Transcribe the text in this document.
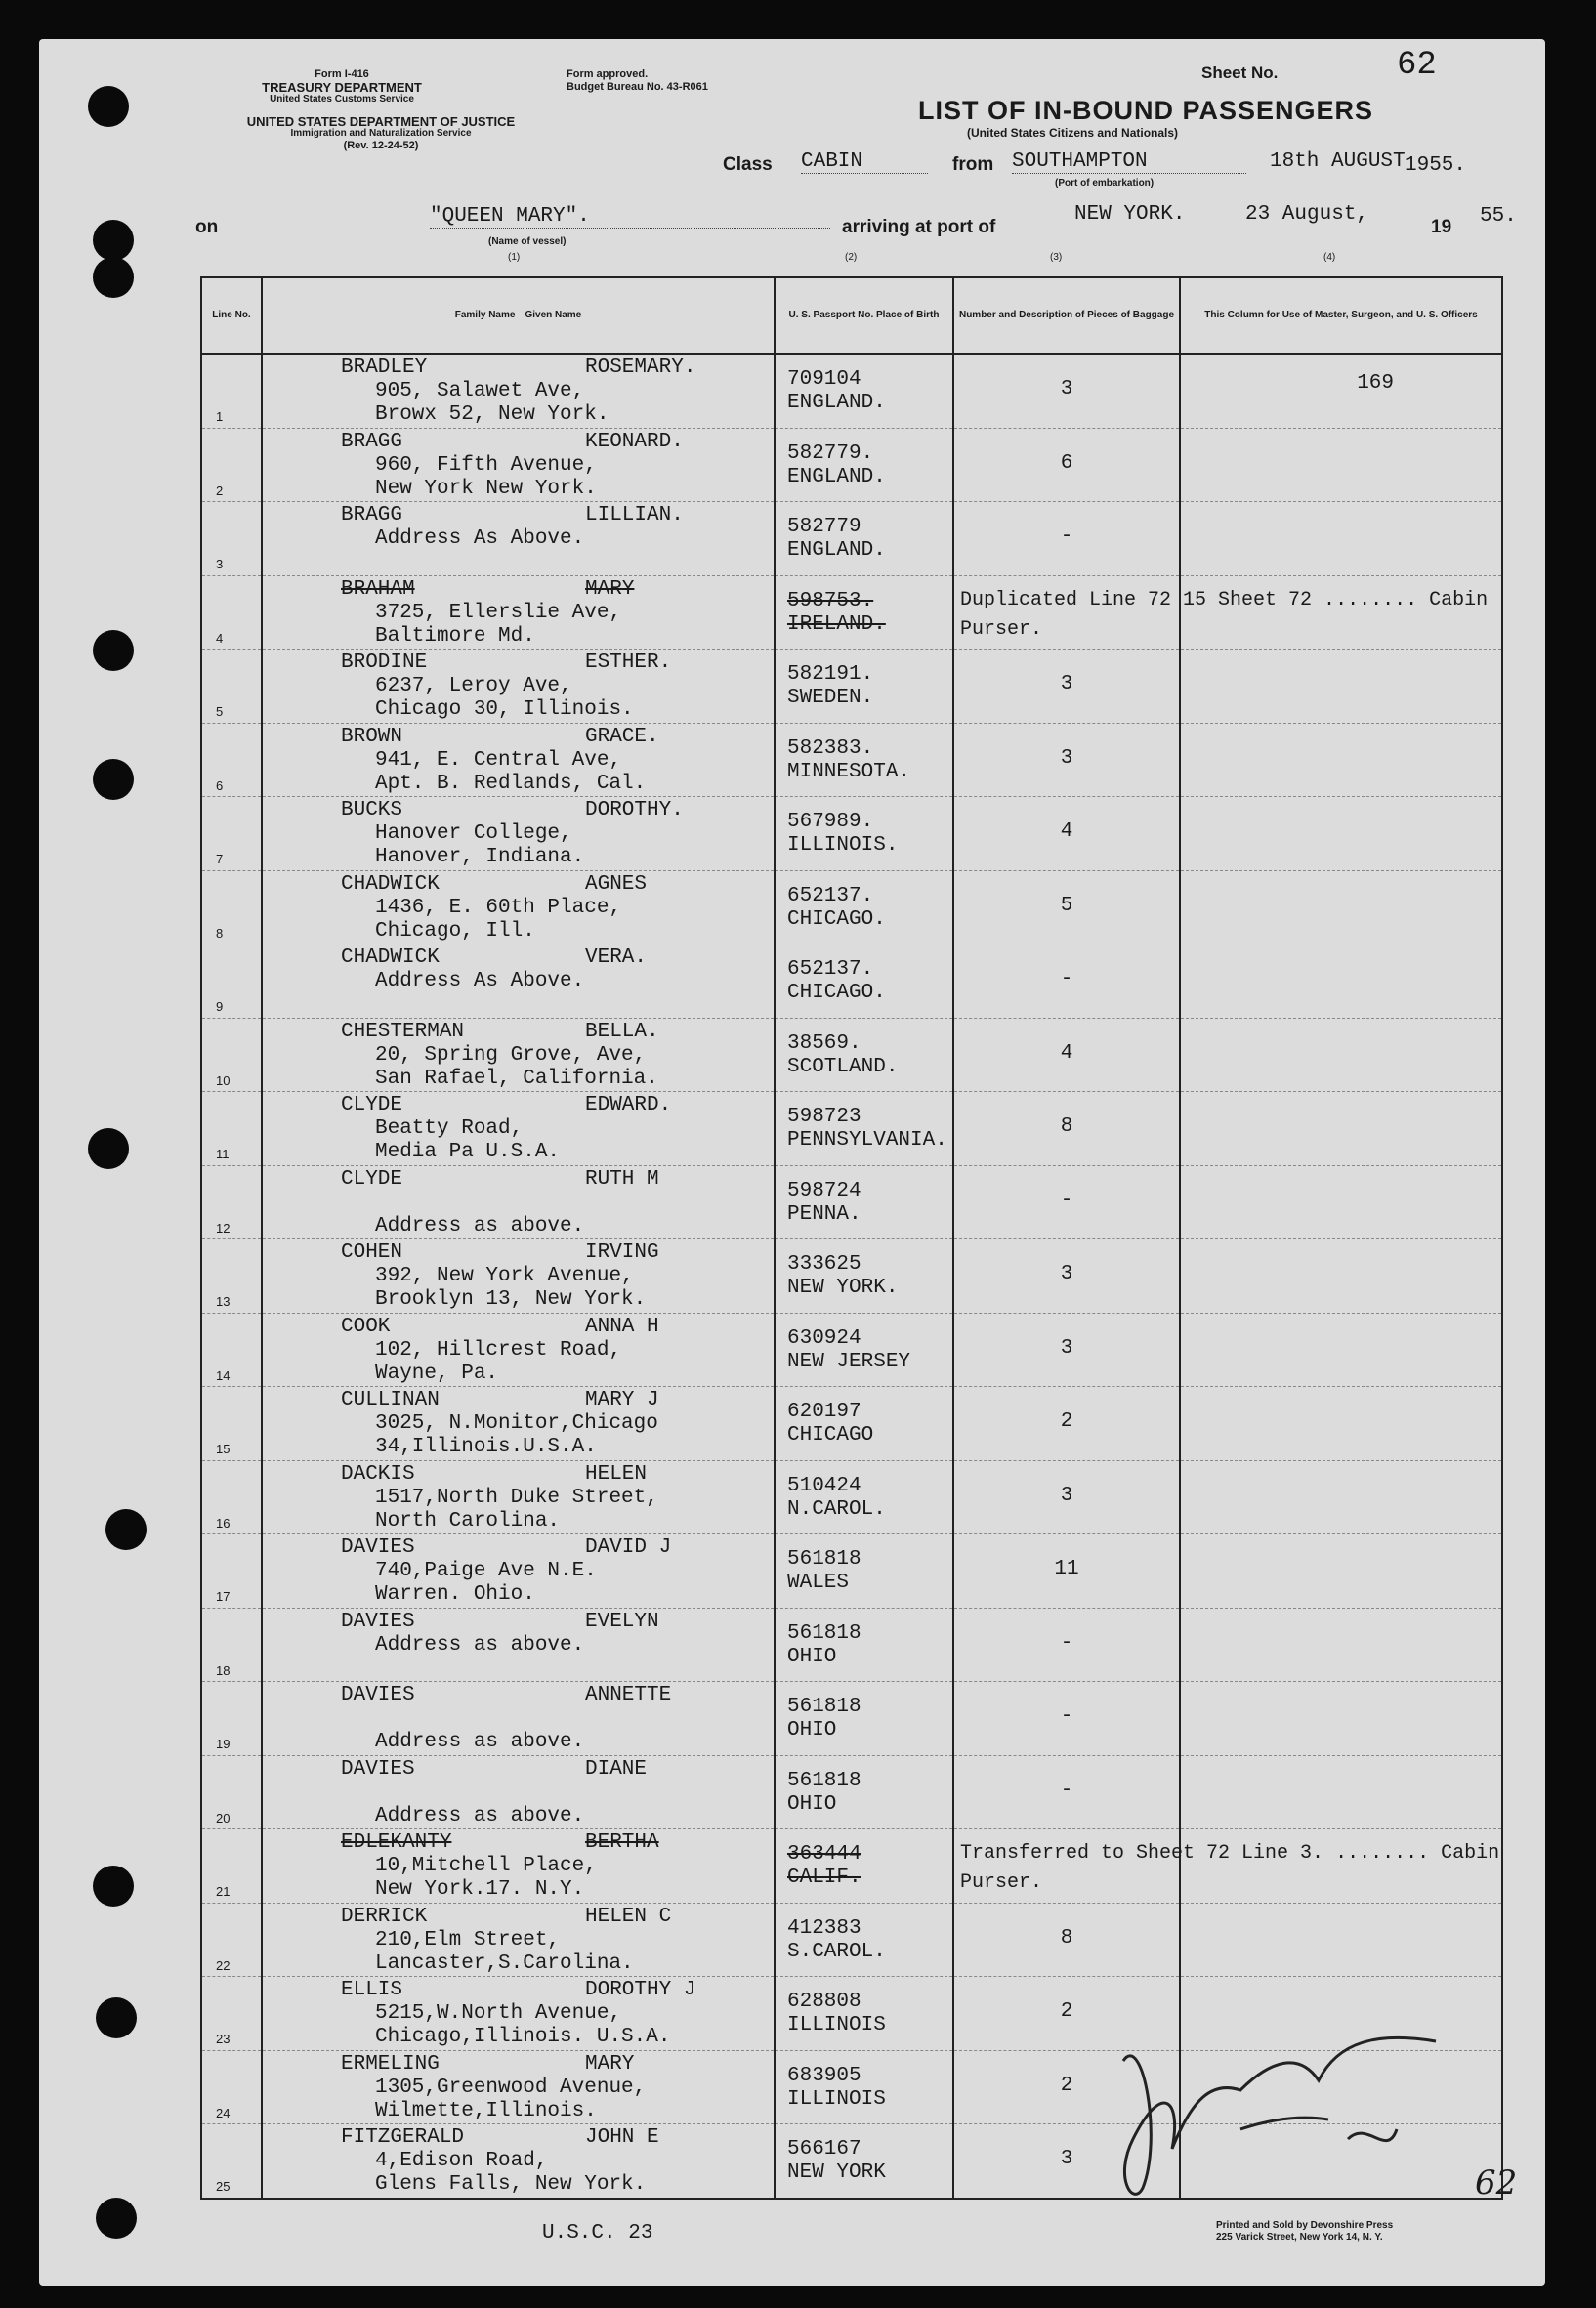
Form I-416
TREASURY DEPARTMENT
United States Customs Service
UNITED STATES DEPARTMENT OF JUSTICE
Immigration and Naturalization Service
(Rev. 12-24-52)
Form approved.
Budget Bureau No. 43-R061
Sheet No.	62
LIST OF IN-BOUND PASSENGERS
(United States Citizens and Nationals)
Class CABIN	from SOUTHAMPTON
(Port of embarkation)
18th AUGUST 1955.
on	"QUEEN MARY".
(Name of vessel)
arriving at port of
NEW YORK.	23 August,
19 55.
(1)	(2)	(3)	(4)
Line No.	Family Name—Given Name	U. S. Passport No. Place of Birth	Number and Description of Pieces of Baggage	This Column for Use of Master, Surgeon, and U. S. Officers

1	BRADLEY ROSEMARY.
905, Salawet Ave,
Browx 52, New York.	709104
ENGLAND.	3	169

2	BRAGG KEONARD.
960, Fifth Avenue,
New York New York.	582779.
ENGLAND.	6	

3	BRAGG LILLIAN.
Address As Above.	582779
ENGLAND.	-	

4	BRAHAM MARY
3725, Ellerslie Ave,
Baltimore Md.	598753.
IRELAND.	Duplicated Line 72 15 Sheet 72 ........ Cabin Purser.	

5	BRODINE ESTHER.
6237, Leroy Ave,
Chicago 30, Illinois.	582191.
SWEDEN.	3	

6	BROWN GRACE.
941, E. Central Ave,
Apt. B. Redlands, Cal.	582383.
MINNESOTA.	3	

7	BUCKS DOROTHY.
Hanover College,
Hanover, Indiana.	567989.
ILLINOIS.	4	

8	CHADWICK AGNES
1436, E. 60th Place,
Chicago, Ill.	652137.
CHICAGO.	5	

9	CHADWICK VERA.
Address As Above.	652137.
CHICAGO.	-	

10	CHESTERMAN BELLA.
20, Spring Grove, Ave,
San Rafael, California.	38569.
SCOTLAND.	4	

11	CLYDE EDWARD.
Beatty Road,
Media Pa U.S.A.	598723
PENNSYLVANIA.	8	

12	CLYDE RUTH M
Address as above.	598724
PENNA.	-	

13	COHEN IRVING
392, New York Avenue,
Brooklyn 13, New York.	333625
NEW YORK.	3	

14	COOK ANNA H
102, Hillcrest Road,
Wayne, Pa.	630924
NEW JERSEY	3	

15	CULLINAN MARY J
3025, N.Monitor,Chicago
34,Illinois.U.S.A.	620197
CHICAGO	2	

16	DACKIS HELEN
1517,North Duke Street,
North Carolina.	510424
N.CAROL.	3	

17	DAVIES DAVID J
740,Paige Ave N.E.
Warren. Ohio.	561818
WALES	11	

18	DAVIES EVELYN
Address as above.	561818
OHIO	-	

19	DAVIES ANNETTE
Address as above.	561818
OHIO	-	

20	DAVIES DIANE
Address as above.	561818
OHIO	-	

21	EDLEKANTY BERTHA
10,Mitchell Place,
New York.17. N.Y.	363444
CALIF.	Transferred to Sheet 72 Line 3. ........ Cabin Purser.	

22	DERRICK HELEN C
210,Elm Street,
Lancaster,S.Carolina.	412383
S.CAROL.	8	

23	ELLIS DOROTHY J
5215,W.North Avenue,
Chicago,Illinois. U.S.A.	628808
ILLINOIS	2	

24	ERMELING MARY
1305,Greenwood Avenue,
Wilmette,Illinois.	683905
ILLINOIS	2	

25	FITZGERALD JOHN E
4,Edison Road,
Glens Falls, New York.	566167
NEW YORK	3	

U.S.C. 23	Printed and Sold by Devonshire Press
225 Varick Street, New York 14, N. Y.
62
